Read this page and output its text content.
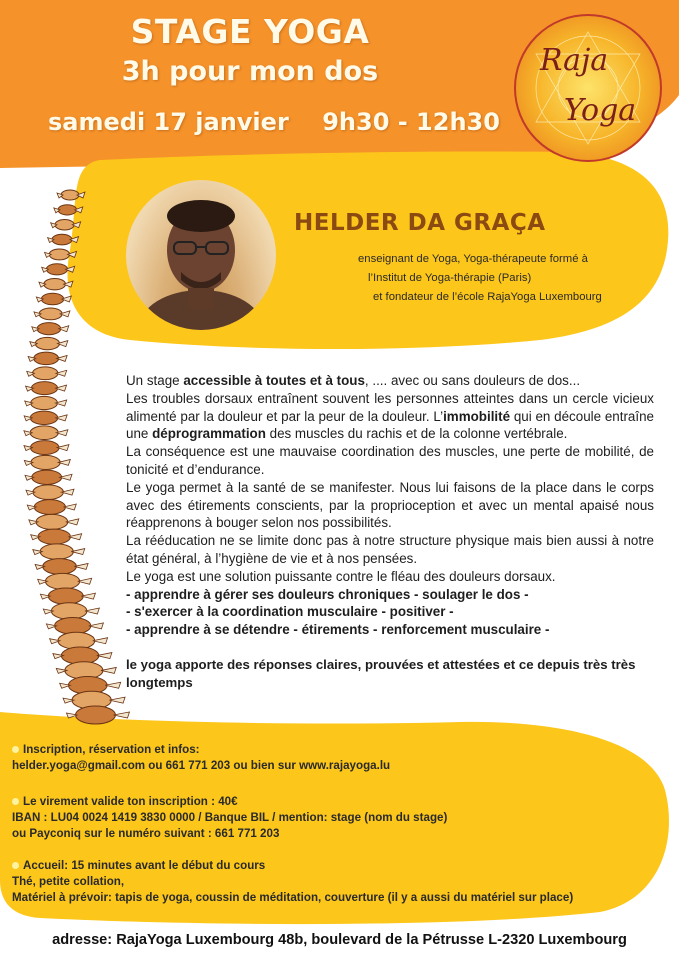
STAGE YOGA
3h pour mon dos
samedi 17 janvier 9h30 - 12h30
Raja
Yoga
HELDER DA GRAÇA
enseignant de Yoga, Yoga-thérapeute formé à
l’Institut de Yoga-thérapie (Paris)
et fondateur de l’école RajaYoga Luxembourg

Un stage accessible à toutes et à tous, .... avec ou sans douleurs de dos...

Les troubles dorsaux entraînent souvent les personnes atteintes dans un cercle vicieux alimenté par la douleur et par la peur de la douleur. L’immobilité qui en découle entraîne une déprogrammation des muscles du rachis et de la colonne vertébrale.

La conséquence est une mauvaise coordination des muscles, une perte de mobilité, de tonicité et d’endurance.

Le yoga permet à la santé de se manifester. Nous lui faisons de la place dans le corps avec des étirements conscients, par la proprioception et avec un mental apaisé nous réapprenons à bouger selon nos possibilités.

La rééducation ne se limite donc pas à notre structure physique mais bien aussi à notre état général, à l’hygiène de vie et à nos pensées.

Le yoga est une solution puissante contre le fléau des douleurs dorsaux.

- apprendre à gérer ses douleurs chroniques - soulager le dos -

- s'exercer à la coordination musculaire - positiver -

- apprendre à se détendre - étirements - renforcement musculaire -

le yoga apporte des réponses claires, prouvées et attestées et ce depuis très très longtemps
Inscription, réservation et infos:
helder.yoga@gmail.com ou 661 771 203 ou bien sur www.rajayoga.lu
Le virement valide ton inscription : 40€
IBAN : LU04 0024 1419 3830 0000 / Banque BIL / mention: stage (nom du stage)
ou Payconiq sur le numéro suivant : 661 771 203
Accueil: 15 minutes avant le début du cours
Thé, petite collation,
Matériel à prévoir: tapis de yoga, coussin de méditation, couverture (il y a aussi du matériel sur place)
adresse: RajaYoga Luxembourg 48b, boulevard de la Pétrusse L-2320 Luxembourg
